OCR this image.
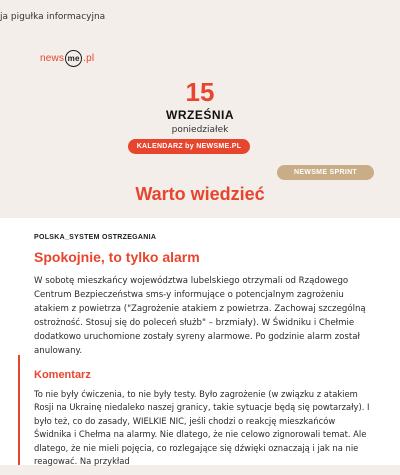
ja pigułka informacyjna
news me .pl
15
WRZEŚNIA
poniedziałek
KALENDARZ by NEWSME.PL
NEWSME SPRINT
Warto wiedzieć
POLSKA_SYSTEM OSTRZEGANIA
Spokojnie, to tylko alarm
W sobotę mieszkańcy województwa lubelskiego otrzymali od Rządowego Centrum Bezpieczeństwa sms-y informujące o potencjalnym zagrożeniu atakiem z powietrza ("Zagrożenie atakiem z powietrza. Zachowaj szczególną ostrożność. Stosuj się do poleceń służb" – brzmiały). W Świdniku i Chełmie dodatkowo uruchomione zostały syreny alarmowe. Po godzinie alarm został anulowany.
Komentarz
To nie były ćwiczenia, to nie były testy. Było zagrożenie (w związku z atakiem Rosji na Ukrainę niedaleko naszej granicy, takie sytuacje będą się powtarzały). I było też, co do zasady, WIELKIE NIC, jeśli chodzi o reakcję mieszkańców Świdnika i Chełma na alarmy. Nie dlatego, że nie celowo zignorowali temat. Ale dlatego, że nie mieli pojęcia, co rozlegające się dźwięki oznaczają i jak na nie reagować. Na przykład
